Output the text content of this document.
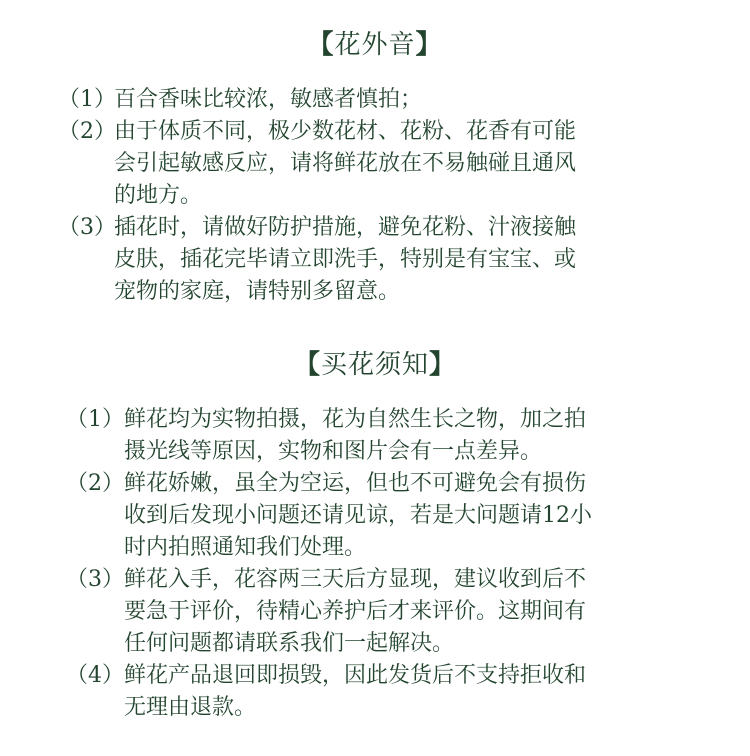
【花外音】
（1）
百合香味比较浓，敏感者慎拍；
（2）
由于体质不同，极少数花材、花粉、花香有可能
会引起敏感反应，请将鲜花放在不易触碰且通风
的地方。
（3）
插花时，请做好防护措施，避免花粉、汁液接触
皮肤，插花完毕请立即洗手，特别是有宝宝、或
宠物的家庭，请特别多留意。
【买花须知】
（1） 鲜花均为实物拍摄，花为自然生长之物，加之拍
摄光线等原因，实物和图片会有一点差异。
（2） 鲜花娇嫩，虽全为空运，但也不可避免会有损伤
收到后发现小问题还请见谅，若是大问题请12小
时内拍照通知我们处理。
（3） 鲜花入手，花容两三天后方显现，建议收到后不
要急于评价，待精心养护后才来评价。这期间有
任何问题都请联系我们一起解决。
（4） 鲜花产品退回即损毁，因此发货后不支持拒收和
无理由退款。
